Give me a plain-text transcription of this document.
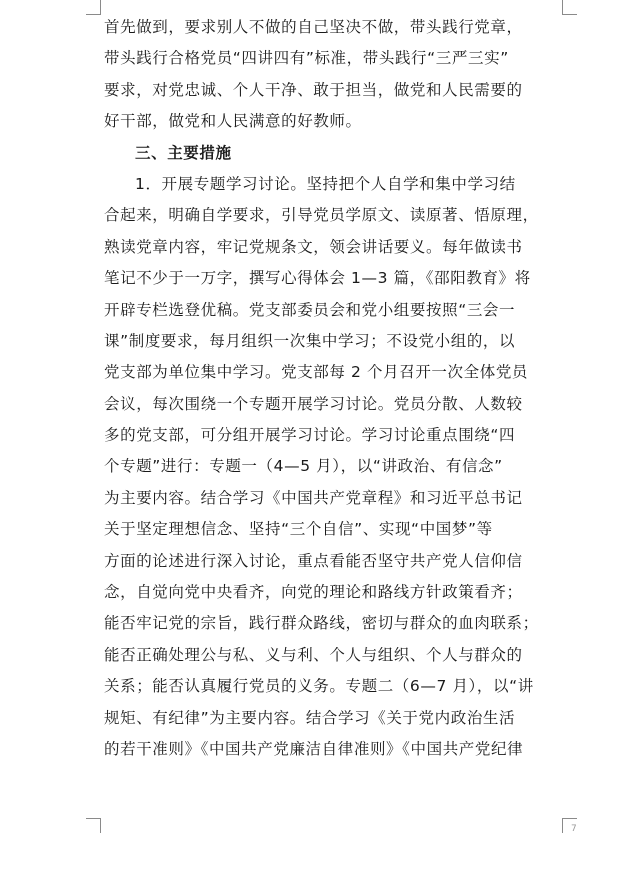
首先做到，要求别人不做的自己坚决不做，带头践行党章，
带头践行合格党员“四讲四有”标准，带头践行“三严三实”
要求，对党忠诚、个人干净、敢于担当，做党和人民需要的
好干部，做党和人民满意的好教师。
三、主要措施
1．开展专题学习讨论。坚持把个人自学和集中学习结
合起来，明确自学要求，引导党员学原文、读原著、悟原理，
熟读党章内容，牢记党规条文，领会讲话要义。每年做读书
笔记不少于一万字，撰写心得体会 1—3 篇，《邵阳教育》将
开辟专栏选登优稿。党支部委员会和党小组要按照“三会一
课”制度要求，每月组织一次集中学习；不设党小组的，以
党支部为单位集中学习。党支部每 2 个月召开一次全体党员
会议，每次围绕一个专题开展学习讨论。党员分散、人数较
多的党支部，可分组开展学习讨论。学习讨论重点围绕“四
个专题”进行：专题一（4—5 月），以“讲政治、有信念”
为主要内容。结合学习《中国共产党章程》和习近平总书记
关于坚定理想信念、坚持“三个自信”、实现“中国梦”等
方面的论述进行深入讨论，重点看能否坚守共产党人信仰信
念，自觉向党中央看齐，向党的理论和路线方针政策看齐；
能否牢记党的宗旨，践行群众路线，密切与群众的血肉联系；
能否正确处理公与私、义与利、个人与组织、个人与群众的
关系；能否认真履行党员的义务。专题二（6—7 月），以“讲
规矩、有纪律”为主要内容。结合学习《关于党内政治生活
的若干准则》《中国共产党廉洁自律准则》《中国共产党纪律
7
